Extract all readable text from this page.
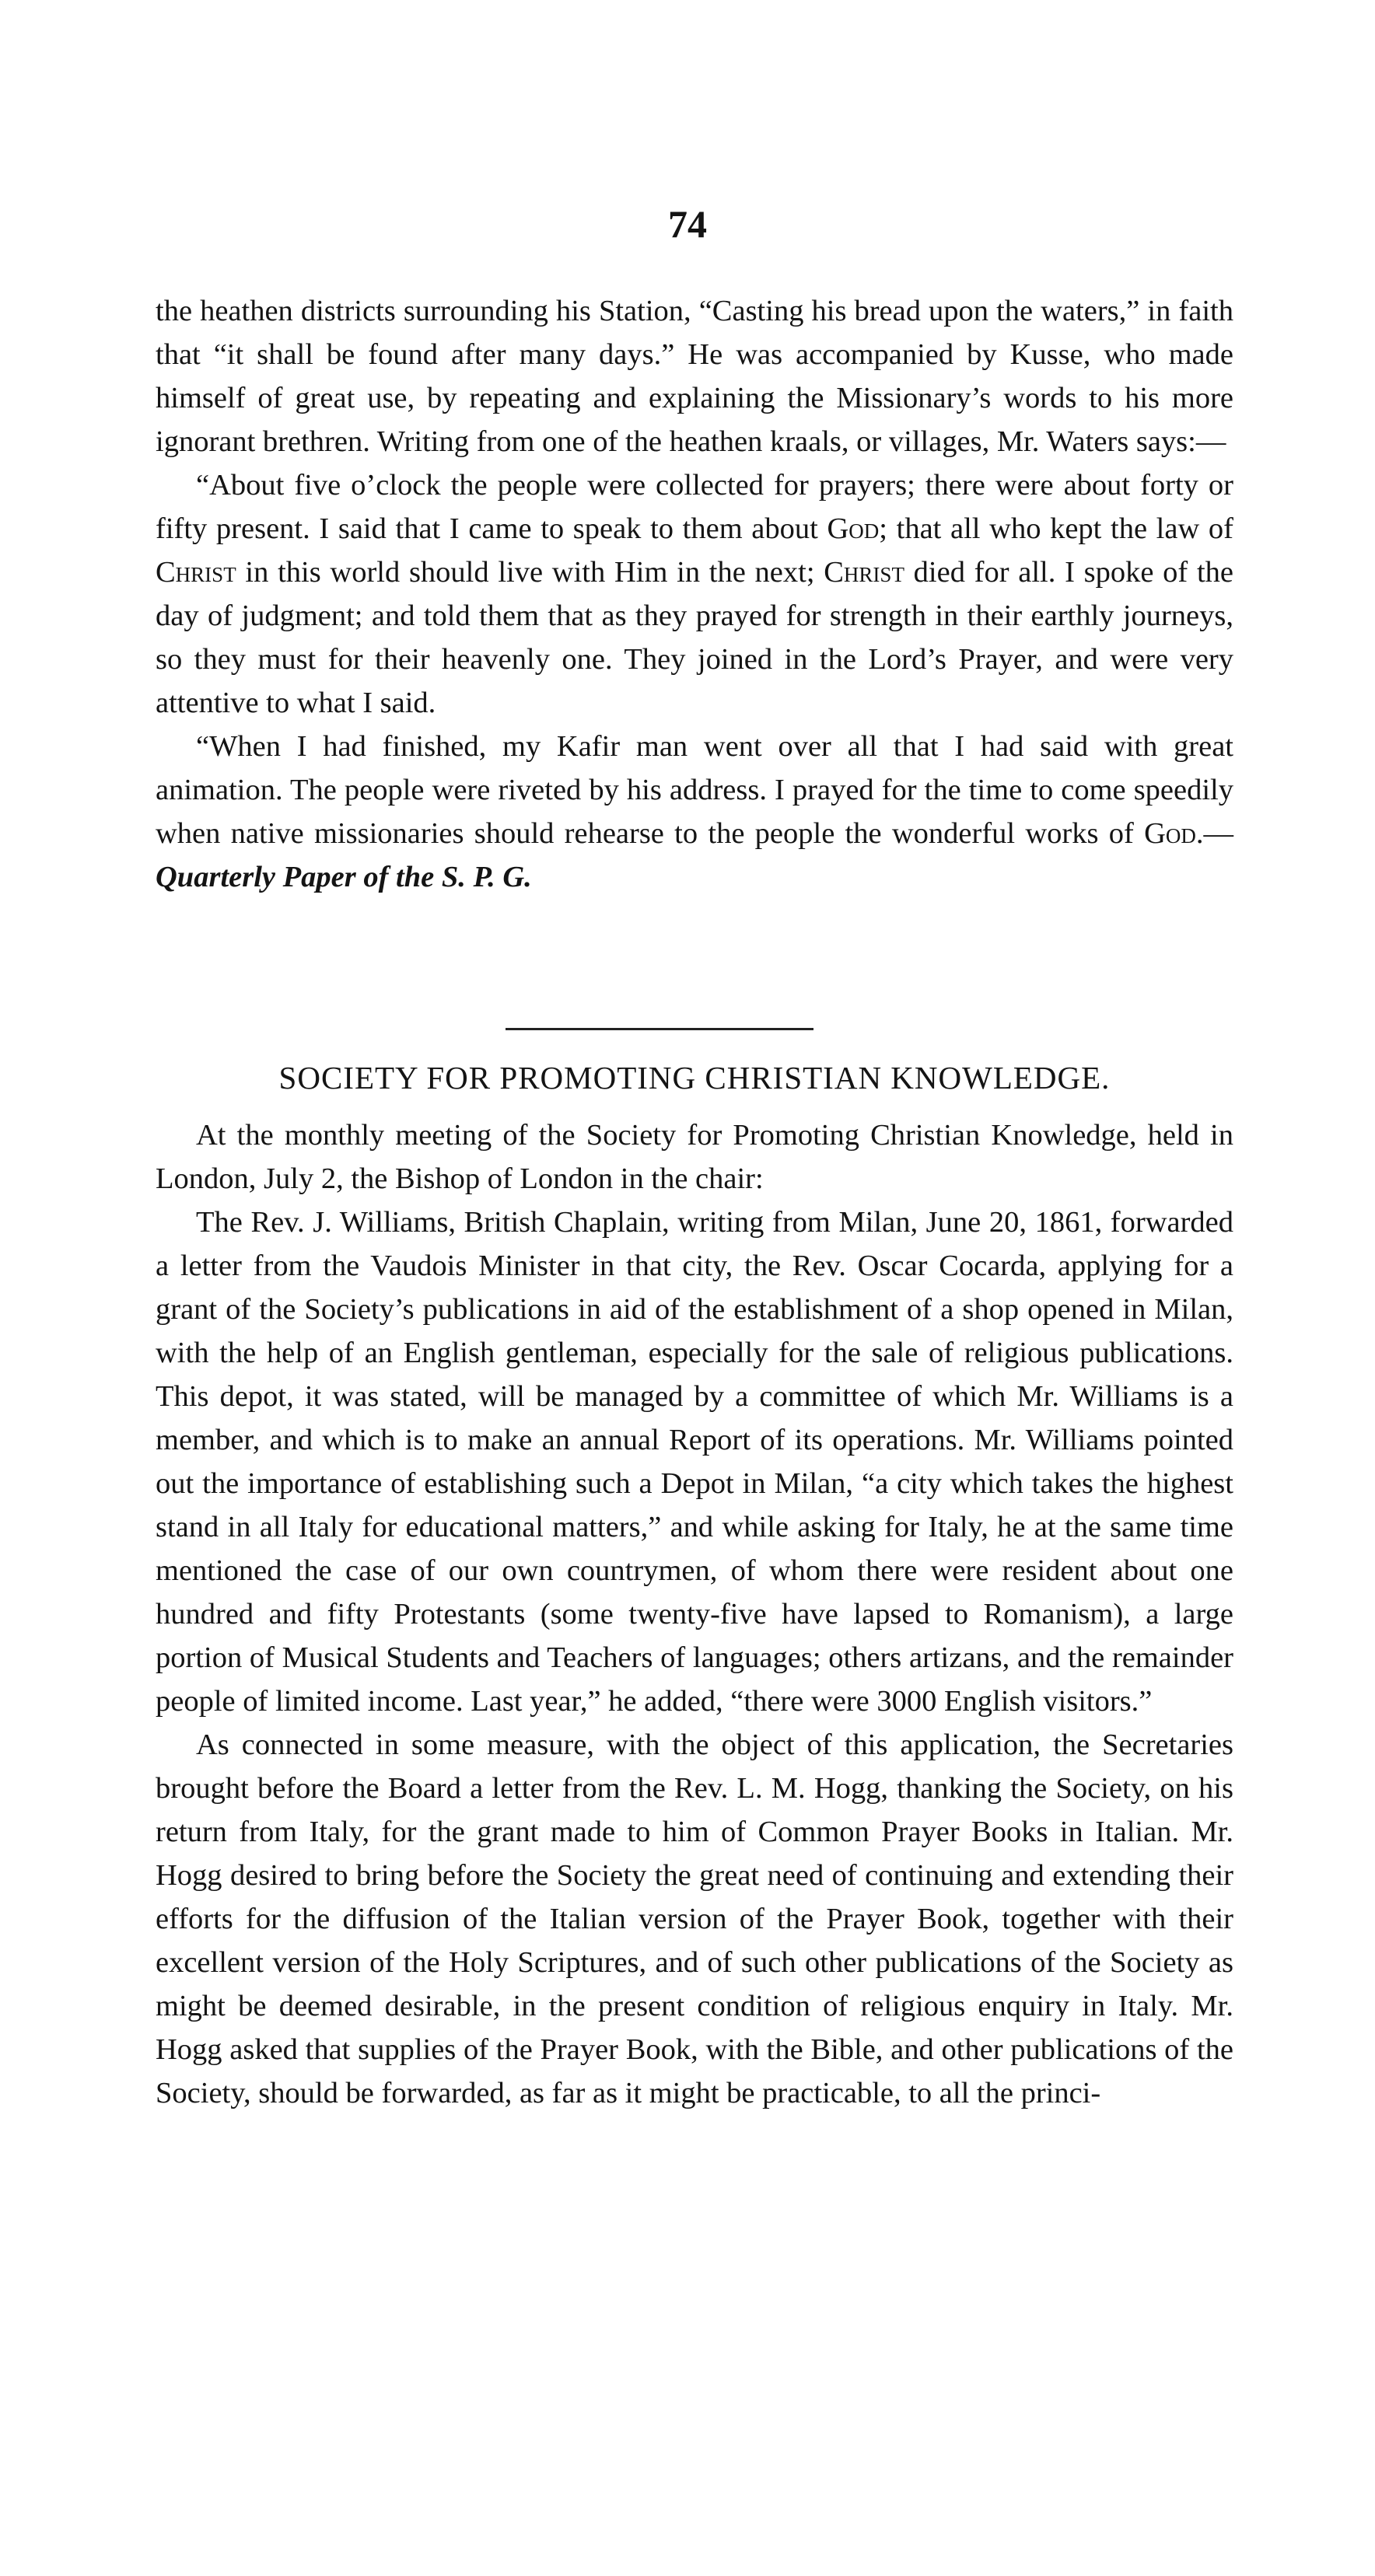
74

the heathen districts surrounding his Station, “Casting his bread upon the waters,” in faith that “it shall be found after many days.” He was accompanied by Kusse, who made himself of great use, by repeating and explaining the Missionary’s words to his more ignorant brethren. Writing from one of the heathen kraals, or villages, Mr. Waters says:—

“About five o’clock the people were collected for prayers; there were about forty or fifty present. I said that I came to speak to them about God; that all who kept the law of Christ in this world should live with Him in the next; Christ died for all. I spoke of the day of judgment; and told them that as they prayed for strength in their earthly journeys, so they must for their heavenly one. They joined in the Lord’s Prayer, and were very attentive to what I said.

“When I had finished, my Kafir man went over all that I had said with great animation. The people were riveted by his address. I prayed for the time to come speedily when native missionaries should rehearse to the people the wonderful works of God.—Quarterly Paper of the S. P. G.

SOCIETY FOR PROMOTING CHRISTIAN KNOWLEDGE.

At the monthly meeting of the Society for Promoting Christian Knowledge, held in London, July 2, the Bishop of London in the chair:

The Rev. J. Williams, British Chaplain, writing from Milan, June 20, 1861, forwarded a letter from the Vaudois Minister in that city, the Rev. Oscar Cocarda, applying for a grant of the Society’s publications in aid of the establishment of a shop opened in Milan, with the help of an English gentleman, especially for the sale of religious publications. This depot, it was stated, will be managed by a committee of which Mr. Williams is a member, and which is to make an annual Report of its operations. Mr. Williams pointed out the importance of establishing such a Depot in Milan, “a city which takes the highest stand in all Italy for educational matters,” and while asking for Italy, he at the same time mentioned the case of our own countrymen, of whom there were resident about one hundred and fifty Protestants (some twenty-five have lapsed to Romanism), a large portion of Musical Students and Teachers of languages; others artizans, and the remainder people of limited income. Last year,” he added, “there were 3000 English visitors.”

As connected in some measure, with the object of this application, the Secretaries brought before the Board a letter from the Rev. L. M. Hogg, thanking the Society, on his return from Italy, for the grant made to him of Common Prayer Books in Italian. Mr. Hogg desired to bring before the Society the great need of continuing and extending their efforts for the diffusion of the Italian version of the Prayer Book, together with their excellent version of the Holy Scriptures, and of such other publications of the Society as might be deemed desirable, in the present condition of religious enquiry in Italy. Mr. Hogg asked that supplies of the Prayer Book, with the Bible, and other publications of the Society, should be forwarded, as far as it might be practicable, to all the princi-
